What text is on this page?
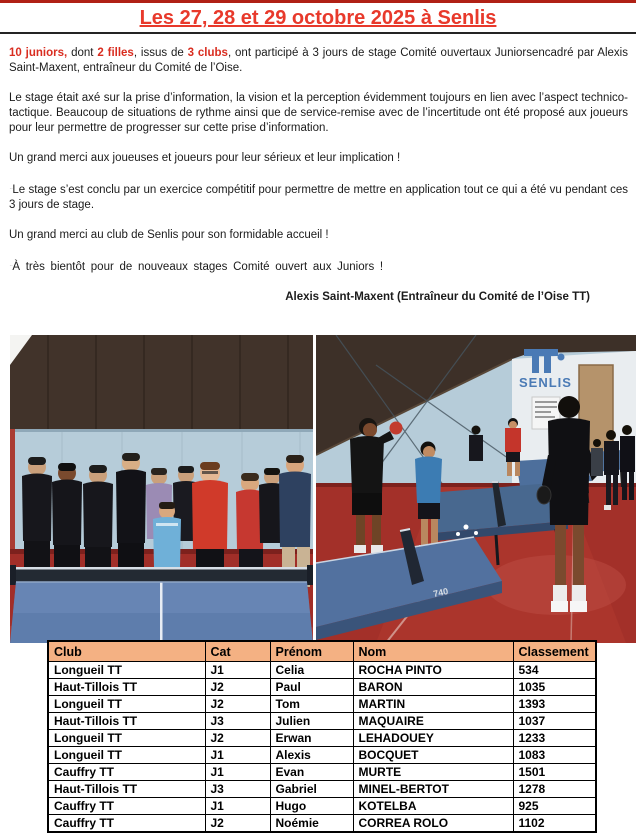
Les 27, 28 et 29 octobre 2025 à Senlis

10 juniors, dont 2 filles, issus de 3 clubs, ont participé à 3 jours de stage Comité ouvertaux Juniorsencadré par Alexis Saint-Maxent, entraîneur du Comité de l’Oise.

Le stage était axé sur la prise d’information, la vision et la perception évidemment toujours en lien avec l’aspect technico-tactique. Beaucoup de situations de rythme ainsi que de service-remise avec de l’incertitude ont été proposé aux joueurs pour leur permettre de progresser sur cette prise d’information.

Un grand merci aux joueuses et joueurs pour leur sérieux et leur implication !

··Le stage s’est conclu par un exercice compétitif pour permettre de mettre en application tout ce qui a été vu pendant ces 3 jours de stage.

Un grand merci au club de Senlis pour son formidable accueil !

··À très bientôt pour de nouveaux stages Comité ouvert aux Juniors !

Alexis Saint-Maxent (Entraîneur du Comité de l’Oise TT)

SENLIS
740
Club	Cat	Prénom	Nom	Classement
Longueil TT	J1	Celia	ROCHA PINTO	534
Haut-Tillois TT	J2	Paul	BARON	1035
Longueil TT	J2	Tom	MARTIN	1393
Haut-Tillois TT	J3	Julien	MAQUAIRE	1037
Longueil TT	J2	Erwan	LEHADOUEY	1233
Longueil TT	J1	Alexis	BOCQUET	1083
Cauffry TT	J1	Evan	MURTE	1501
Haut-Tillois TT	J3	Gabriel	MINEL-BERTOT	1278
Cauffry TT	J1	Hugo	KOTELBA	925
Cauffry TT	J2	Noémie	CORREA ROLO	1102
